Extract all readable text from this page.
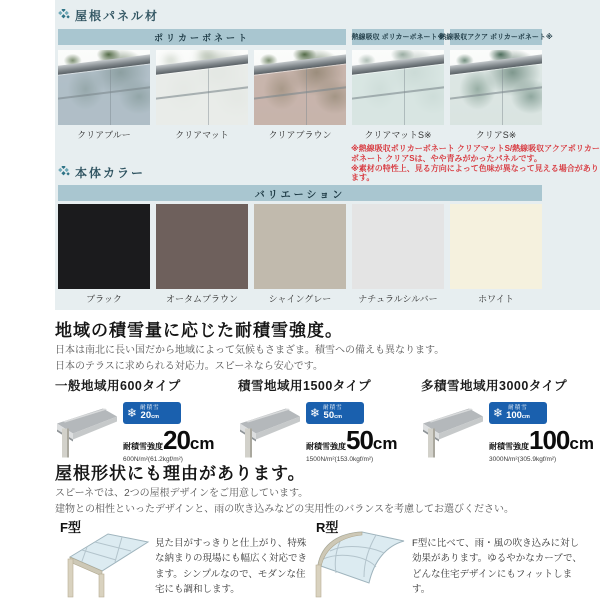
屋根パネル材
ポリカーボネート	熱線吸収 ポリカーボネート※
熱線吸収アクア ポリカーボネート※
クリアブルー	クリアマット	クリアブラウン	クリアマットS※	クリアS※

※熱線吸収ポリカーボネート クリアマットS/熱線吸収アクアポリカーボネート クリアSは、やや青みがかったパネルです。

※素材の特性上、見る方向によって色味が異なって見える場合があります。

本体カラー
バリエーション
ブラック	オータムブラウン	シャイングレー	ナチュラルシルバー	ホワイト
地域の積雪量に応じた耐積雪強度。
日本は南北に長い国だから地域によって気候もさまざま。積雪への備えも異なります。
日本のテラスに求められる対応力。スピーネなら安心です。
一般地域用600タイプ
❄ 耐積雪
20cm
耐積雪強度20cm
600N/m²(61.2kgf/m²)
積雪地域用1500タイプ
❄ 耐積雪
50cm
耐積雪強度50cm
1500N/m²(153.0kgf/m²)
多積雪地域用3000タイプ
❄ 耐積雪
100cm
耐積雪強度100cm
3000N/m²(305.9kgf/m²)
屋根形状にも理由があります。
スピーネでは、2つの屋根デザインをご用意しています。
建物との相性といったデザインと、雨の吹き込みなどの実用性のバランスを考慮してお選びください。
F型
見た目がすっきりと仕上がり、特殊な納まりの現場にも幅広く対応できます。シンプルなので、モダンな住宅にも調和します。
R型
F型に比べて、雨・風の吹き込みに対し効果があります。ゆるやかなカーブで、どんな住宅デザインにもフィットします。
